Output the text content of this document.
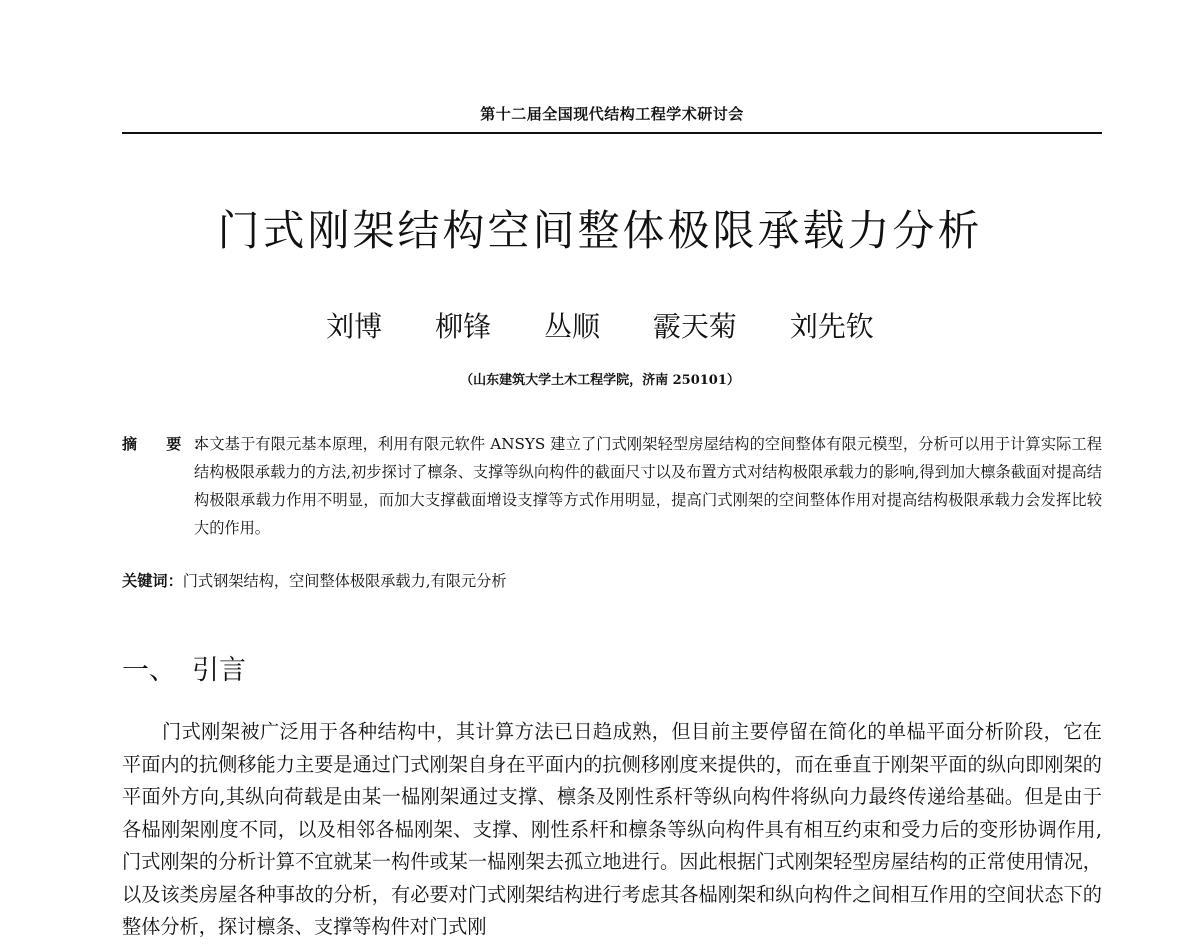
第十二届全国现代结构工程学术研讨会
门式刚架结构空间整体极限承载力分析
刘博 柳锋 丛顺 霰天菊 刘先钦
（山东建筑大学土木工程学院，济南 250101）
摘 要：
本文基于有限元基本原理，利用有限元软件 ANSYS 建立了门式刚架轻型房屋结构的空间整体有限元模型，分析可以用于计算实际工程结构极限承载力的方法,初步探讨了檩条、支撑等纵向构件的截面尺寸以及布置方式对结构极限承载力的影响,得到加大檩条截面对提高结构极限承载力作用不明显，而加大支撑截面增设支撑等方式作用明显，提高门式刚架的空间整体作用对提高结构极限承载力会发挥比较大的作用。
关键词：门式钢架结构，空间整体极限承载力,有限元分析
一、 引言

门式刚架被广泛用于各种结构中，其计算方法已日趋成熟，但目前主要停留在简化的单榀平面分析阶段，它在平面内的抗侧移能力主要是通过门式刚架自身在平面内的抗侧移刚度来提供的，而在垂直于刚架平面的纵向即刚架的平面外方向,其纵向荷载是由某一榀刚架通过支撑、檩条及刚性系杆等纵向构件将纵向力最终传递给基础。但是由于各榀刚架刚度不同，以及相邻各榀刚架、支撑、刚性系杆和檩条等纵向构件具有相互约束和受力后的变形协调作用,门式刚架的分析计算不宜就某一构件或某一榀刚架去孤立地进行。因此根据门式刚架轻型房屋结构的正常使用情况，以及该类房屋各种事故的分析，有必要对门式刚架结构进行考虑其各榀刚架和纵向构件之间相互作用的空间状态下的整体分析，探讨檩条、支撑等构件对门式刚
